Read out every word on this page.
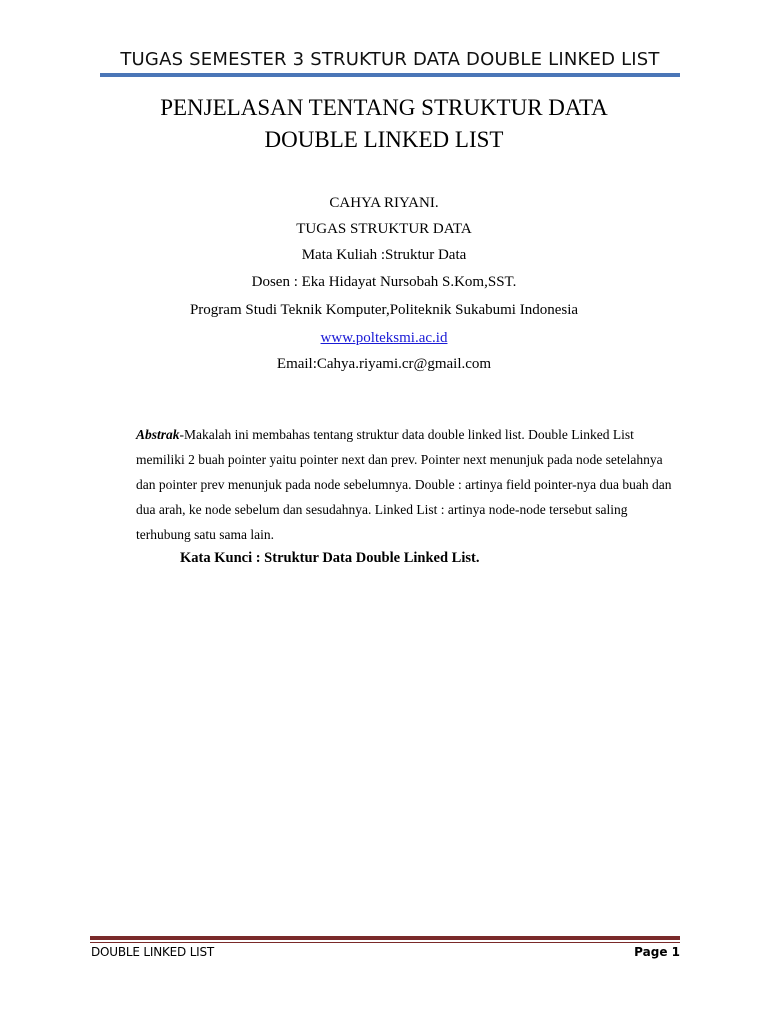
TUGAS SEMESTER 3 STRUKTUR DATA DOUBLE LINKED LIST
PENJELASAN TENTANG STRUKTUR DATA
DOUBLE LINKED LIST
CAHYA RIYANI.
TUGAS STRUKTUR DATA
Mata Kuliah :Struktur Data
Dosen : Eka Hidayat Nursobah S.Kom,SST.
Program Studi Teknik Komputer,Politeknik Sukabumi Indonesia
www.polteksmi.ac.id
Email:Cahya.riyami.cr@gmail.com
Abstrak-Makalah ini membahas tentang struktur data double linked list. Double Linked List memiliki 2 buah pointer yaitu pointer next dan prev. Pointer next menunjuk pada node setelahnya dan pointer prev menunjuk pada node sebelumnya. Double : artinya field pointer-nya dua buah dan dua arah, ke node sebelum dan sesudahnya. Linked List : artinya node-node tersebut saling terhubung satu sama lain.
Kata Kunci : Struktur Data Double Linked List.
DOUBLE LINKED LIST	Page 1
